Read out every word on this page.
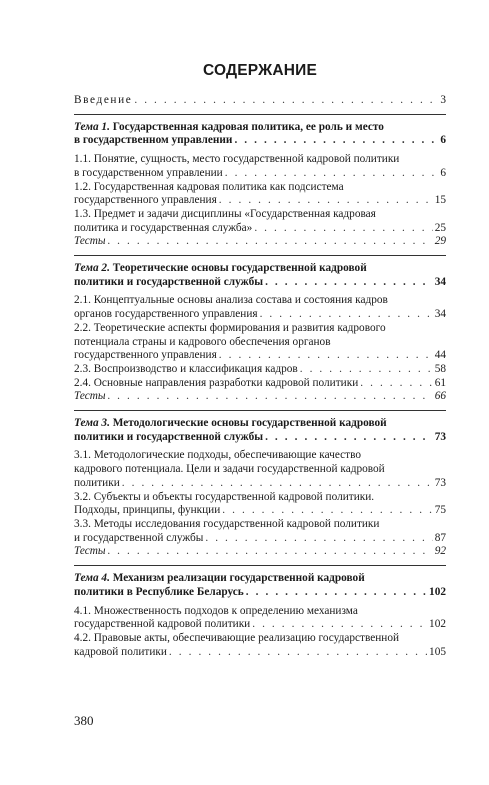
СОДЕРЖАНИЕ
Введение . . .	3
Тема 1. Государственная кадровая политика, ее роль и место
в государственном управлении . . .	6
1.1. Понятие, сущность, место государственной кадровой политики
в государственном управлении . . .	6
1.2. Государственная кадровая политика как подсистема
государственного управления . . .	15
1.3. Предмет и задачи дисциплины «Государственная кадровая
политика и государственная служба» . . .	25
Тесты . . .	29
Тема 2. Теоретические основы государственной кадровой
политики и государственной службы . . .	34
2.1. Концептуальные основы анализа состава и состояния кадров
органов государственного управления . . .	34
2.2. Теоретические аспекты формирования и развития кадрового
потенциала страны и кадрового обеспечения органов
государственного управления . . .	44
2.3. Воспроизводство и классификация кадров . . .	58
2.4. Основные направления разработки кадровой политики . . .	61
Тесты . . .	66
Тема 3. Методологические основы государственной кадровой
политики и государственной службы . . .	73
3.1. Методологические подходы, обеспечивающие качество
кадрового потенциала. Цели и задачи государственной кадровой
политики . . .	73
3.2. Субъекты и объекты государственной кадровой политики.
Подходы, принципы, функции . . .	75
3.3. Методы исследования государственной кадровой политики
и государственной службы . . .	87
Тесты . . .	92
Тема 4. Механизм реализации государственной кадровой
политики в Республике Беларусь . . .	102
4.1. Множественность подходов к определению механизма
государственной кадровой политики . . .	102
4.2. Правовые акты, обеспечивающие реализацию государственной
кадровой политики . . .	105
380
